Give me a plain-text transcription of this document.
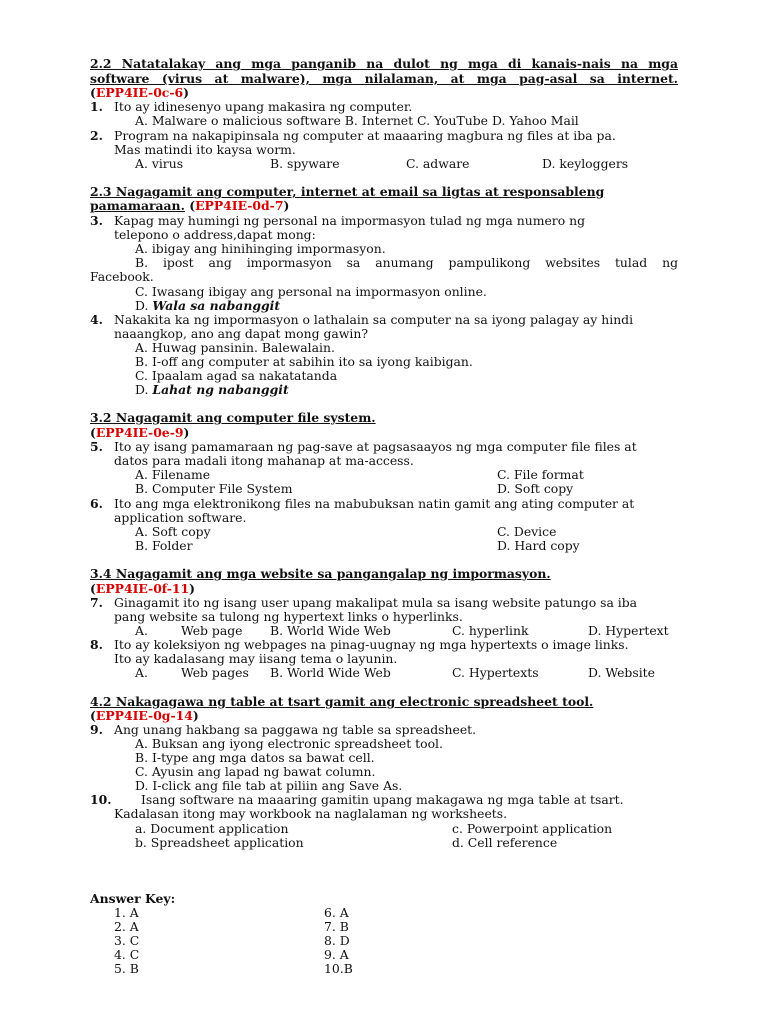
2.2 Natatalakay ang mga panganib na dulot ng mga di kanais-nais na mga
software (virus at malware), mga nilalaman, at mga pag-asal sa internet.
(EPP4IE-0c-6)
1. Ito ay idinesenyo upang makasira ng computer.
A. Malware o malicious software B. Internet C. YouTube D. Yahoo Mail
2. Program na nakapipinsala ng computer at maaaring magbura ng files at iba pa.
Mas matindi ito kaysa worm.
A. virus	B. spyware	C. adware	D. keyloggers
2.3 Nagagamit ang computer, internet at email sa ligtas at responsableng
pamamaraan. (EPP4IE-0d-7)
3. Kapag may humingi ng personal na impormasyon tulad ng mga numero ng
telepono o address,dapat mong:
A. ibigay ang hinihinging impormasyon.
B. ipost ang impormasyon sa anumang pampulikong websites tulad ng
Facebook.
C. Iwasang ibigay ang personal na impormasyon online.
D. Wala sa nabanggit
4. Nakakita ka ng impormasyon o lathalain sa computer na sa iyong palagay ay hindi
naaangkop, ano ang dapat mong gawin?
A. Huwag pansinin. Balewalain.
B. I-off ang computer at sabihin ito sa iyong kaibigan.
C. Ipaalam agad sa nakatatanda
D. Lahat ng nabanggit
3.2 Nagagamit ang computer file system.
(EPP4IE-0e-9)
5. Ito ay isang pamamaraan ng pag-save at pagsasaayos ng mga computer file files at
datos para madali itong mahanap at ma-access.
A. Filename	C. File format
B. Computer File System	D. Soft copy
6. Ito ang mga elektronikong files na mabubuksan natin gamit ang ating computer at
application software.
A. Soft copy	C. Device
B. Folder	D. Hard copy
3.4 Nagagamit ang mga website sa pangangalap ng impormasyon.
(EPP4IE-0f-11)
7. Ginagamit ito ng isang user upang makalipat mula sa isang website patungo sa iba
pang website sa tulong ng hypertext links o hyperlinks.
A.	Web page B. World Wide Web	C. hyperlink	D. Hypertext
8. Ito ay koleksiyon ng webpages na pinag-uugnay ng mga hypertexts o image links.
Ito ay kadalasang may iisang tema o layunin.
A.	Web pages B. World Wide Web	C. Hypertexts	D. Website
4.2 Nakagagawa ng table at tsart gamit ang electronic spreadsheet tool.
(EPP4IE-0g-14)
9. Ang unang hakbang sa paggawa ng table sa spreadsheet.
A. Buksan ang iyong electronic spreadsheet tool.
B. I-type ang mga datos sa bawat cell.
C. Ayusin ang lapad ng bawat column.
D. I-click ang file tab at piliin ang Save As.
10. Isang software na maaaring gamitin upang makagawa ng mga table at tsart.
Kadalasan itong may workbook na naglalaman ng worksheets.
a. Document application	c. Powerpoint application
b. Spreadsheet application	d. Cell reference
Answer Key:
1. A
2. A
3. C
4. C
5. B
6. A
7. B
8. D
9. A
10.B
